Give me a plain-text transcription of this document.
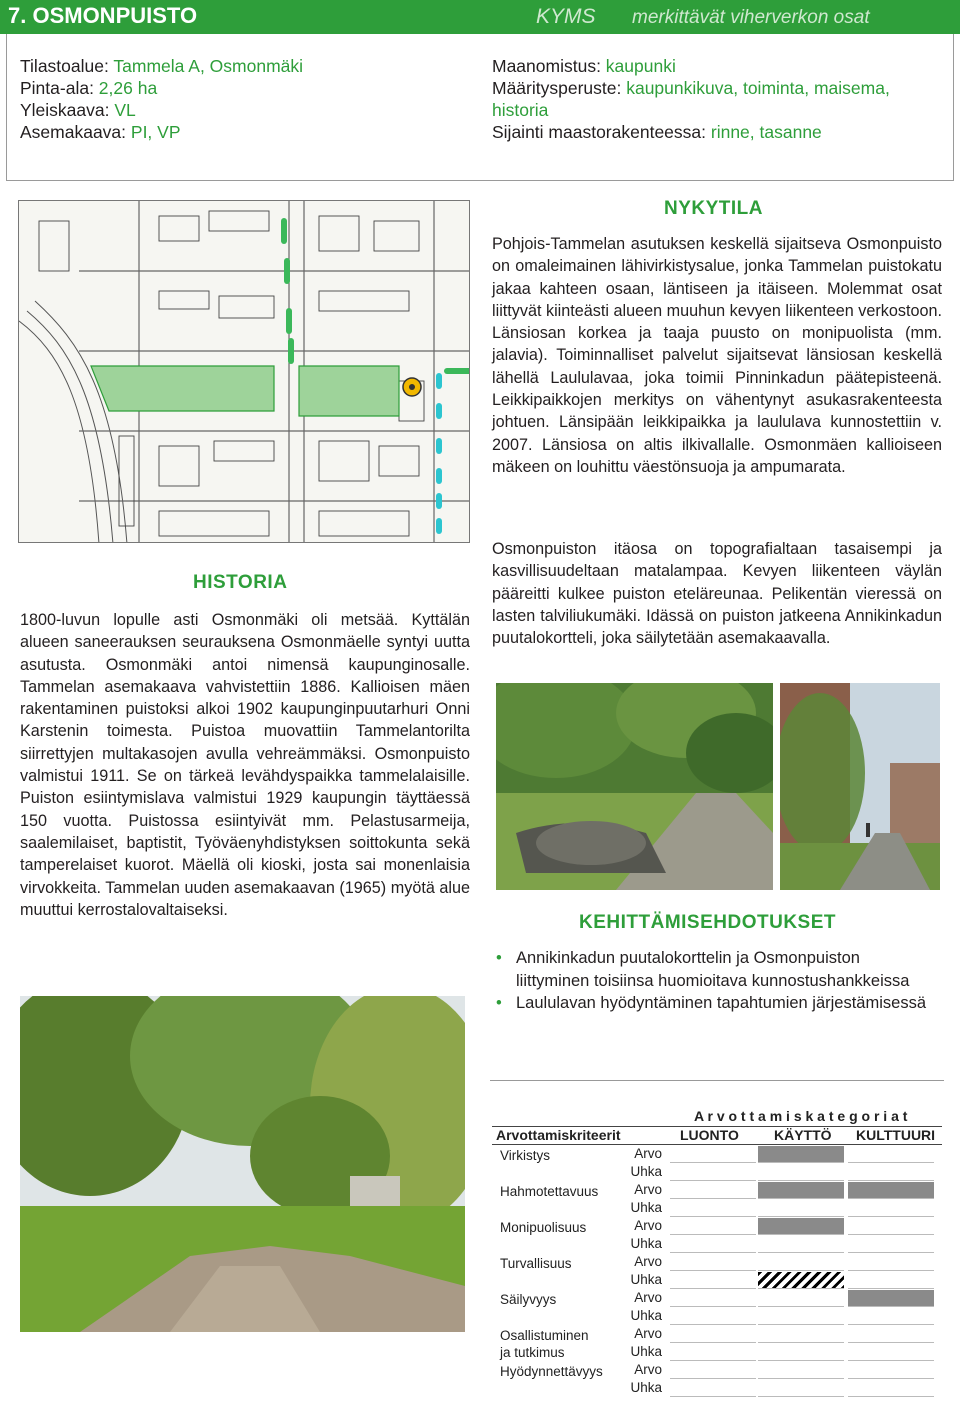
7. OSMONPUISTO	KYMS merkittävät viherverkon osat
Tilastoalue: Tammela A, Osmonmäki
Pinta-ala: 2,26 ha
Yleiskaava: VL
Asemakaava: PI, VP
Maanomistus: kaupunki
Määritysperuste: kaupunkikuva, toiminta, maisema,
historia
Sijainti maastorakenteessa: rinne, tasanne
NYKYTILA
Pohjois-Tammelan asutuksen keskellä sijaitseva Osmonpuisto on omaleimainen lähivirkistysalue, jonka Tammelan puistokatu jakaa kahteen osaan, läntiseen ja itäiseen. Molemmat osat liittyvät kiinteästi alueen muuhun kevyen liikenteen verkostoon. Länsiosan korkea ja taaja puusto on monipuolista (mm. jalavia). Toiminnalliset palvelut sijaitsevat länsiosan keskellä lähellä Laululavaa, joka toimii Pinninkadun päätepisteenä. Leikkipaikkojen merkitys on vähentynyt asukasrakenteesta johtuen. Länsipään leikkipaikka ja laululava kunnostettiin v. 2007. Länsiosa on altis ilkivallalle. Osmonmäen kallioiseen mäkeen on louhittu väestönsuoja ja ampumarata.
Osmonpuiston itäosa on topografialtaan tasaisempi ja kasvillisuudeltaan matalampaa. Kevyen liikenteen väylän pääreitti kulkee puiston eteläreunaa. Pelikentän vieressä on lasten talviliukumäki. Idässä on puiston jatkeena Annikinkadun puutalokortteli, joka säilytetään asemakaavalla.
HISTORIA
1800-luvun lopulle asti Osmonmäki oli metsää. Kyttälän alueen saneerauksen seurauksena Osmonmäelle syntyi uutta asutusta. Osmonmäki antoi nimensä kaupunginosalle. Tammelan asemakaava vahvistettiin 1886. Kallioisen mäen rakentaminen puistoksi alkoi 1902 kaupunginpuutarhuri Onni Karstenin toimesta. Puistoa muovattiin Tammelantorilta siirrettyjen multakasojen avulla vehreämmäksi. Osmonpuisto valmistui 1911. Se on tärkeä levähdyspaikka tammelalaisille. Puiston esiintymislava valmistui 1929 kaupungin täyttäessä 150 vuotta. Puistossa esiintyivät mm. Pelastusarmeija, saalemilaiset, baptistit, Työväenyhdistyksen soittokunta sekä tamperelaiset kuorot. Mäellä oli kioski, josta sai monenlaisia virvokkeita. Tammelan uuden asemakaavan (1965) myötä alue muuttui kerrostalovaltaiseksi.
KEHITTÄMISEHDOTUKSET
• Annikinkadun puutalokorttelin ja Osmonpuiston liittyminen toisiinsa huomioitava kunnostushankkeissa
• Laululavan hyödyntäminen tapahtumien järjestämisessä
A r v o t t a m i s k a t e g o r i a t
Arvottamiskriteerit	LUONTO	KÄYTTÖ KULTTUURI
Virkistys	Arvo
Uhka
Hahmotettavuus	Arvo
Uhka
Monipuolisuus	Arvo
Uhka
Turvallisuus	Arvo
Uhka
Säilyvyys	Arvo
Uhka
Osallistuminen
ja tutkimus
Arvo
Uhka
Hyödynnettävyys	Arvo
Uhka
